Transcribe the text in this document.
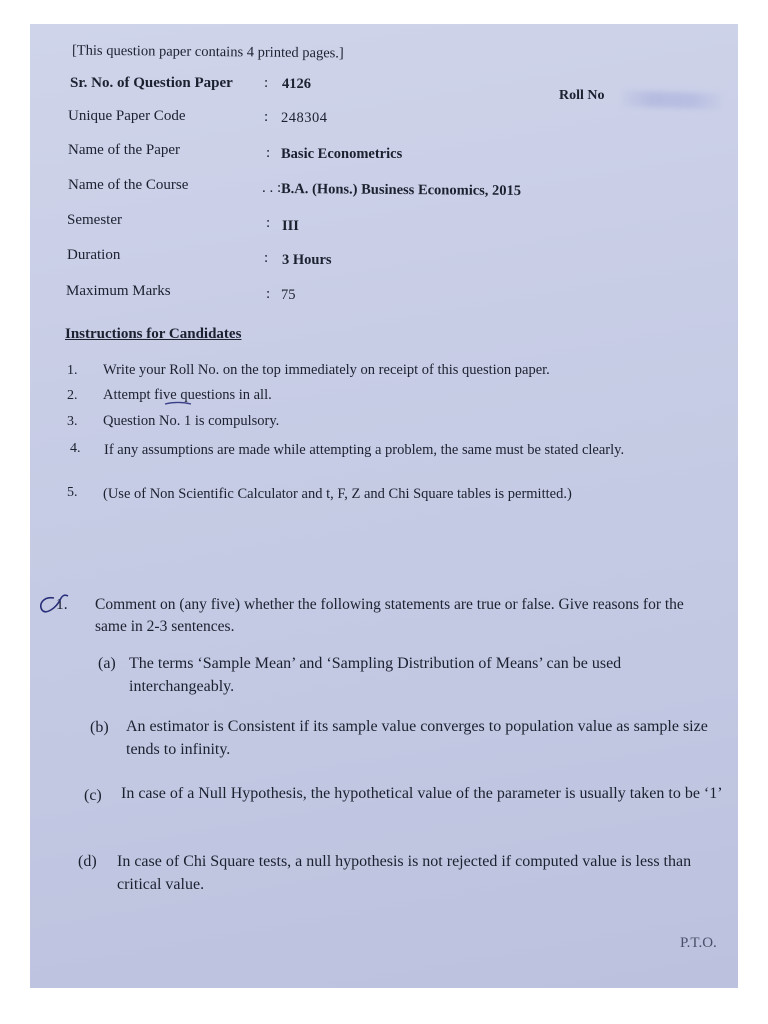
[This question paper contains 4 printed pages.]
Sr. No. of Question Paper : 4126
Roll No
Unique Paper Code	: 248304
Name of the Paper	: Basic Econometrics
Name of the Course	. . : B.A. (Hons.) Business Economics, 2015
Semester	: III
Duration	: 3 Hours
Maximum Marks	: 75
Instructions for Candidates
1. Write your Roll No. on the top immediately on receipt of this question paper.
2. Attempt five questions in all.
3. Question No. 1 is compulsory.
4. If any assumptions are made while attempting a problem, the same must be stated clearly.
5. (Use of Non Scientific Calculator and t, F, Z and Chi Square tables is permitted.)
1. Comment on (any five) whether the following statements are true or false. Give reasons for the same in 2-3 sentences.
(a) The terms ‘Sample Mean’ and ‘Sampling Distribution of Means’ can be used interchangeably.
(b) An estimator is Consistent if its sample value converges to population value as sample size tends to infinity.
(c) In case of a Null Hypothesis, the hypothetical value of the parameter is usually taken to be ‘1’
(d) In case of Chi Square tests, a null hypothesis is not rejected if computed value is less than critical value.
P.T.O.
